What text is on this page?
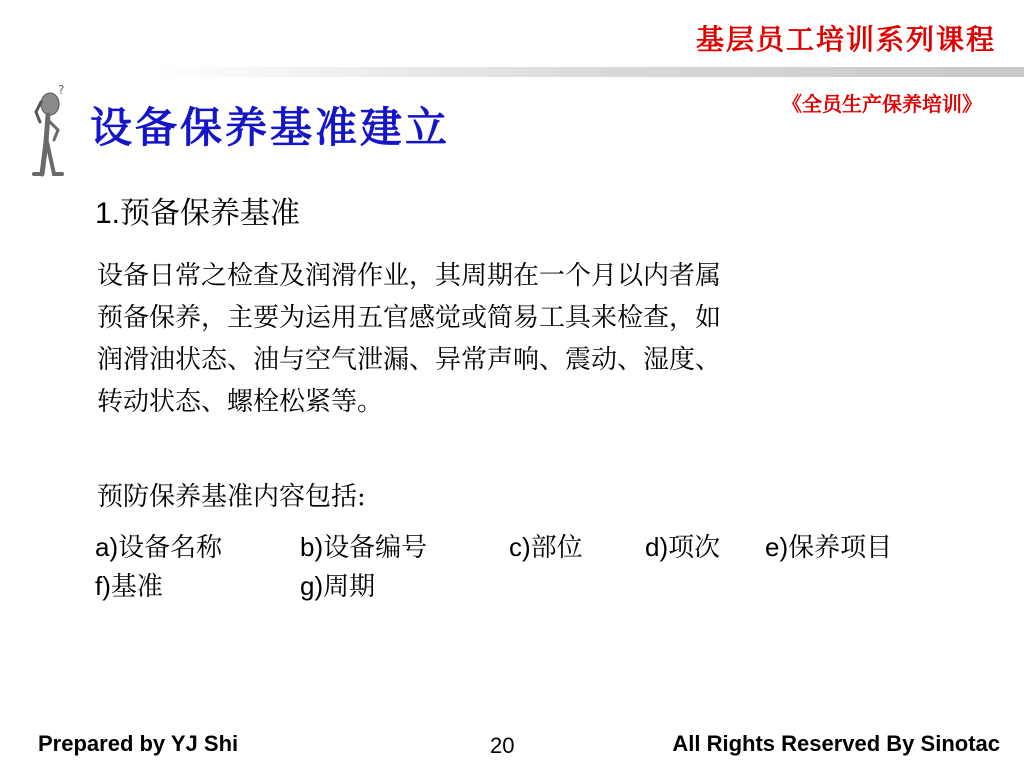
基层员工培训系列课程
《全员生产保养培训》
?
设备保养基准建立
1.预备保养基准
设备日常之检查及润滑作业，其周期在一个月以内者属
预备保养，主要为运用五官感觉或简易工具来检查，如
润滑油状态、油与空气泄漏、异常声响、震动、湿度、
转动状态、螺栓松紧等。
预防保养基准内容包括:
a)设备名称	b)设备编号	c)部位 d)项次 e)保养项目
f)基准	g)周期
Prepared by YJ Shi	20	All Rights Reserved By Sinotac
